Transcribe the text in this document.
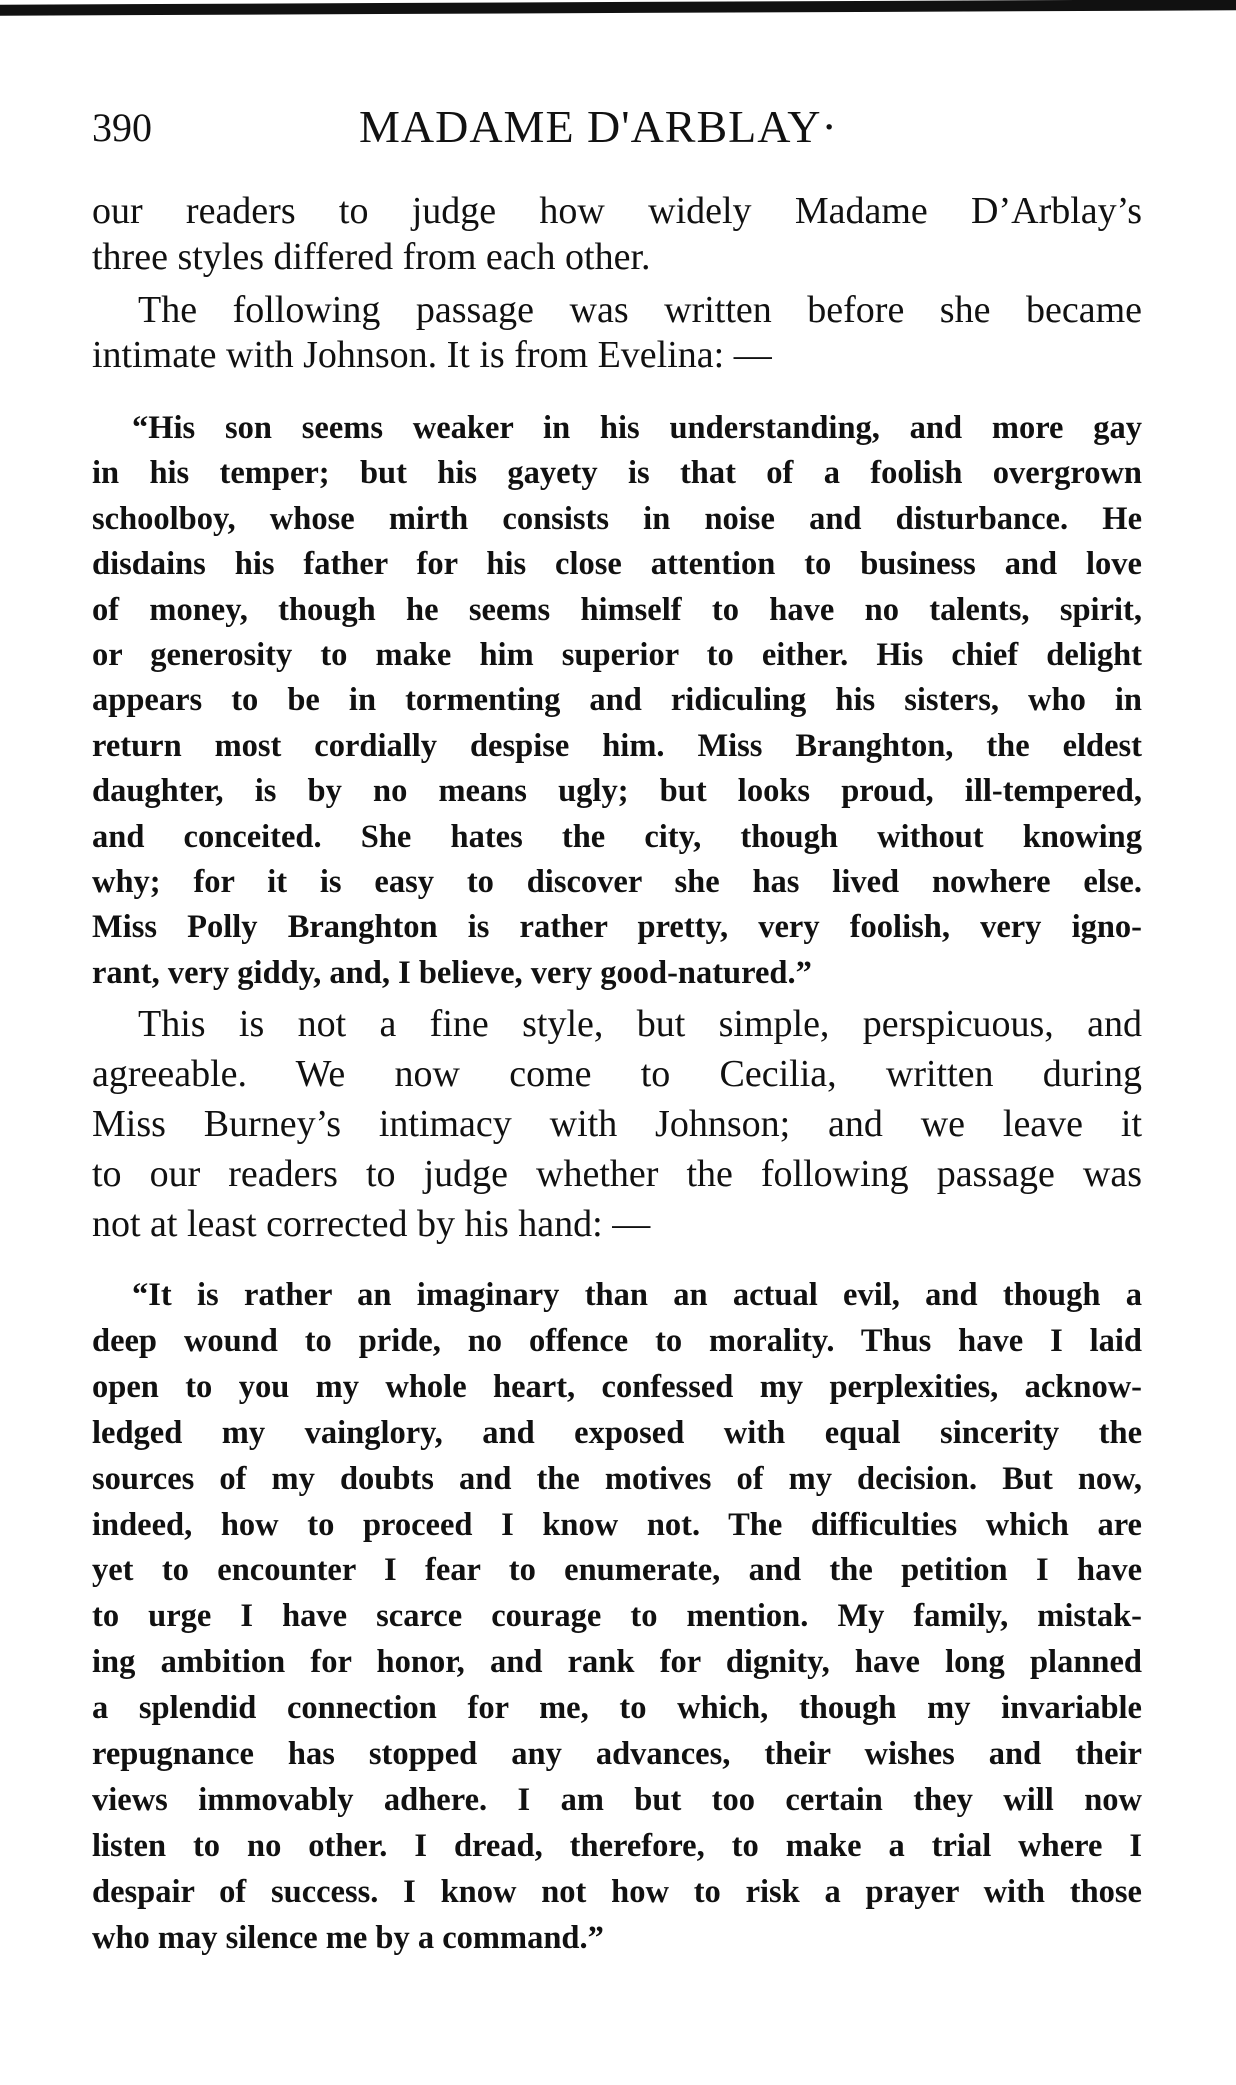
390	MADAME D'ARBLAY·
our readers to judge how widely Madame D’Arblay’s
three styles differed from each other.
The following passage was written before she became
intimate with Johnson. It is from Evelina: —
“His son seems weaker in his understanding, and more gay
in his temper; but his gayety is that of a foolish overgrown
schoolboy, whose mirth consists in noise and disturbance. He
disdains his father for his close attention to business and love
of money, though he seems himself to have no talents, spirit,
or generosity to make him superior to either. His chief delight
appears to be in tormenting and ridiculing his sisters, who in
return most cordially despise him. Miss Branghton, the eldest
daughter, is by no means ugly; but looks proud, ill-tempered,
and conceited. She hates the city, though without knowing
why; for it is easy to discover she has lived nowhere else.
Miss Polly Branghton is rather pretty, very foolish, very igno-
rant, very giddy, and, I believe, very good-natured.”
This is not a fine style, but simple, perspicuous, and
agreeable. We now come to Cecilia, written during
Miss Burney’s intimacy with Johnson; and we leave it
to our readers to judge whether the following passage was
not at least corrected by his hand: —
“It is rather an imaginary than an actual evil, and though a
deep wound to pride, no offence to morality. Thus have I laid
open to you my whole heart, confessed my perplexities, acknow-
ledged my vainglory, and exposed with equal sincerity the
sources of my doubts and the motives of my decision. But now,
indeed, how to proceed I know not. The difficulties which are
yet to encounter I fear to enumerate, and the petition I have
to urge I have scarce courage to mention. My family, mistak-
ing ambition for honor, and rank for dignity, have long planned
a splendid connection for me, to which, though my invariable
repugnance has stopped any advances, their wishes and their
views immovably adhere. I am but too certain they will now
listen to no other. I dread, therefore, to make a trial where I
despair of success. I know not how to risk a prayer with those
who may silence me by a command.”
